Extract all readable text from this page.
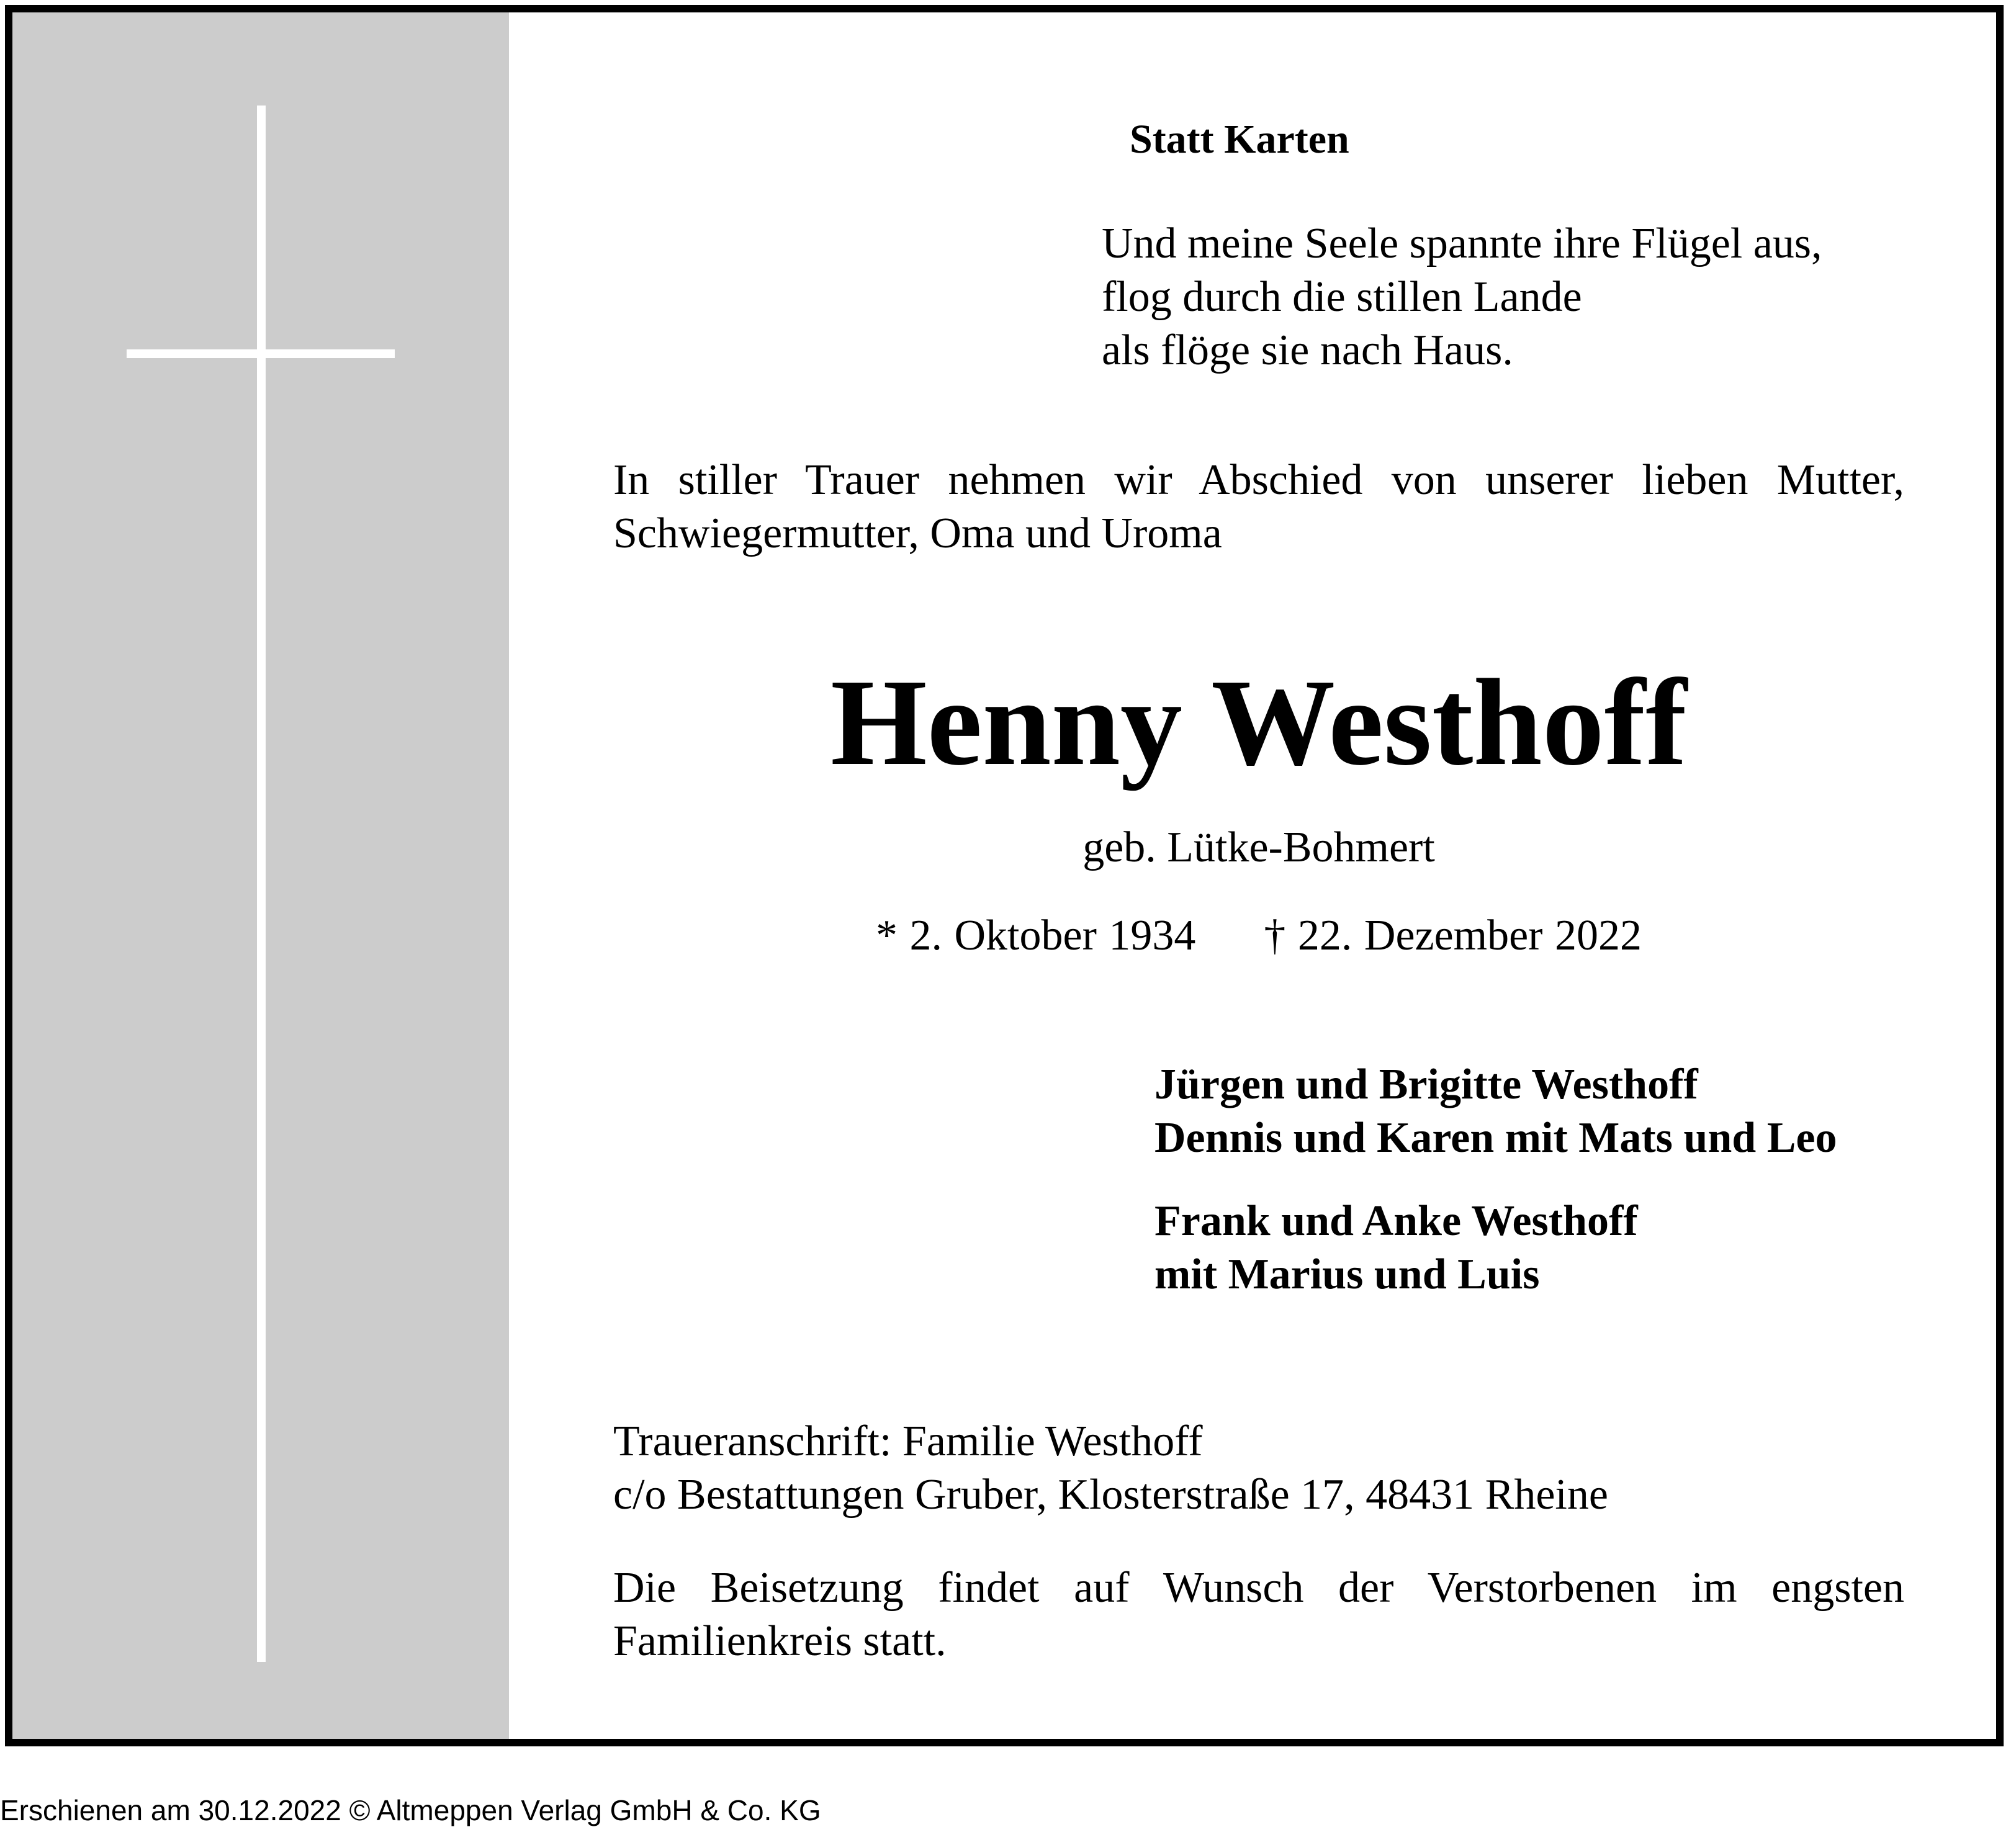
Statt Karten
Und meine Seele spannte ihre Flügel aus,
flog durch die stillen Lande
als flöge sie nach Haus.
In stiller Trauer nehmen wir Abschied von unserer lieben Mutter, Schwiegermutter, Oma und Uroma
Henny Westhoff
geb. Lütke-Bohmert
* 2. Oktober 1934 † 22. Dezember 2022
Jürgen und Brigitte Westhoff
Dennis und Karen mit Mats und Leo
Frank und Anke Westhoff
mit Marius und Luis
Traueranschrift: Familie Westhoff
c/o Bestattungen Gruber, Klosterstraße 17, 48431 Rheine
Die Beisetzung findet auf Wunsch der Verstorbenen im engsten Familienkreis statt.
Erschienen am 30.12.2022 © Altmeppen Verlag GmbH & Co. KG
